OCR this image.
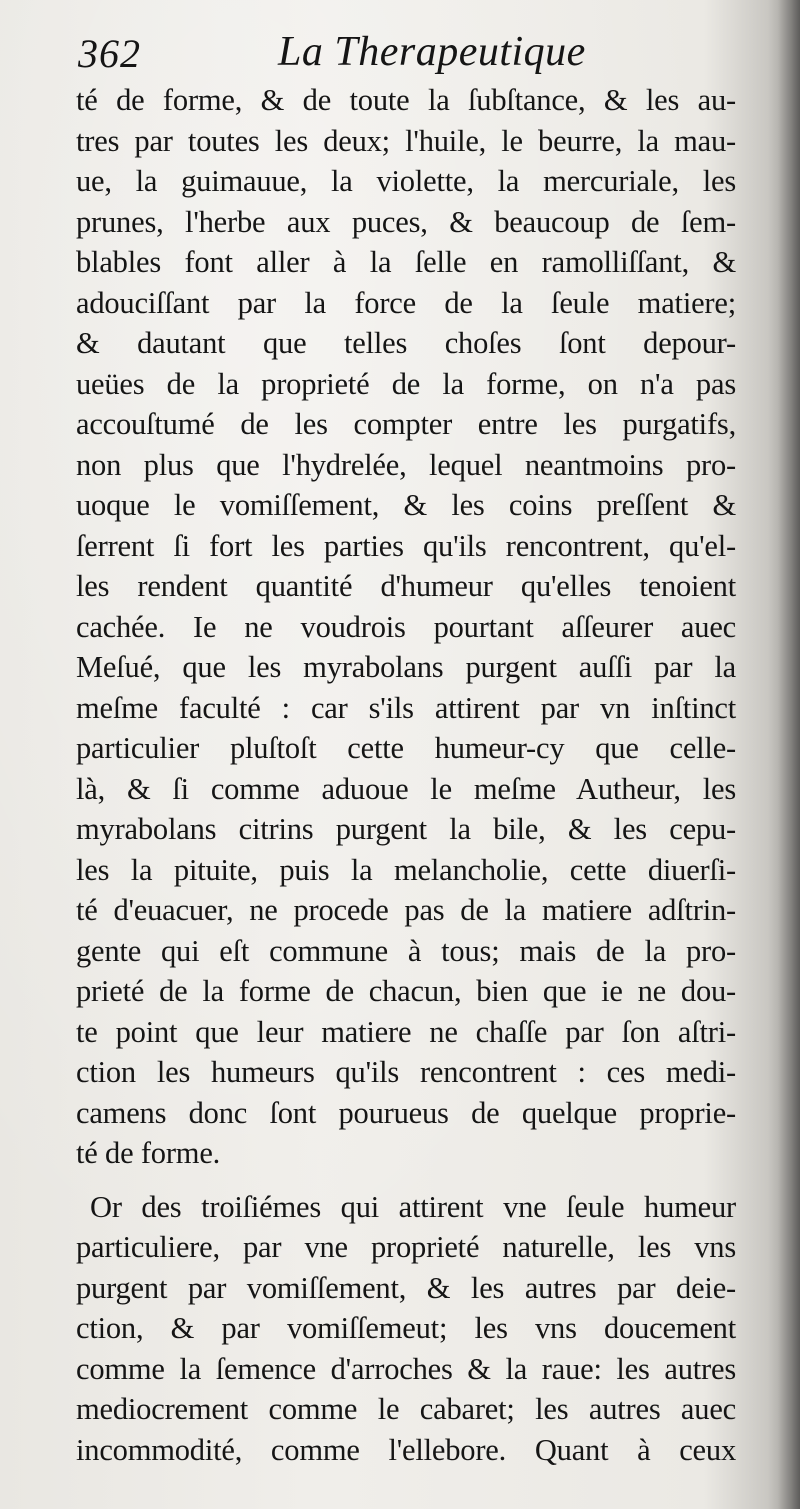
362	La Therapeutique
té de forme, & de toute la ſubſtance, & les au-
tres par toutes les deux; l'huile, le beurre, la mau-
ue, la guimauue, la violette, la mercuriale, les
prunes, l'herbe aux puces, & beaucoup de ſem-
blables font aller à la ſelle en ramolliſſant, &
adouciſſant par la force de la ſeule matiere;
& dautant que telles choſes ſont depour-
ueües de la proprieté de la forme, on n'a pas
accouſtumé de les compter entre les purgatifs,
non plus que l'hydrelée, lequel neantmoins pro-
uoque le vomiſſement, & les coins preſſent &
ſerrent ſi fort les parties qu'ils rencontrent, qu'el-
les rendent quantité d'humeur qu'elles tenoient
cachée. Ie ne voudrois pourtant aſſeurer auec
Meſué, que les myrabolans purgent auſſi par la
meſme faculté : car s'ils attirent par vn inſtinct
particulier pluſtoſt cette humeur-cy que celle-
là, & ſi comme aduoue le meſme Autheur, les
myrabolans citrins purgent la bile, & les cepu-
les la pituite, puis la melancholie, cette diuerſi-
té d'euacuer, ne procede pas de la matiere adſtrin-
gente qui eſt commune à tous; mais de la pro-
prieté de la forme de chacun, bien que ie ne dou-
te point que leur matiere ne chaſſe par ſon aſtri-
ction les humeurs qu'ils rencontrent : ces medi-
camens donc ſont pourueus de quelque proprie-
té de forme.
Or des troiſiémes qui attirent vne ſeule humeur
particuliere, par vne proprieté naturelle, les vns
purgent par vomiſſement, & les autres par deie-
ction, & par vomiſſemeut; les vns doucement
comme la ſemence d'arroches & la raue: les autres
mediocrement comme le cabaret; les autres auec
incommodité, comme l'ellebore. Quant à ceux
